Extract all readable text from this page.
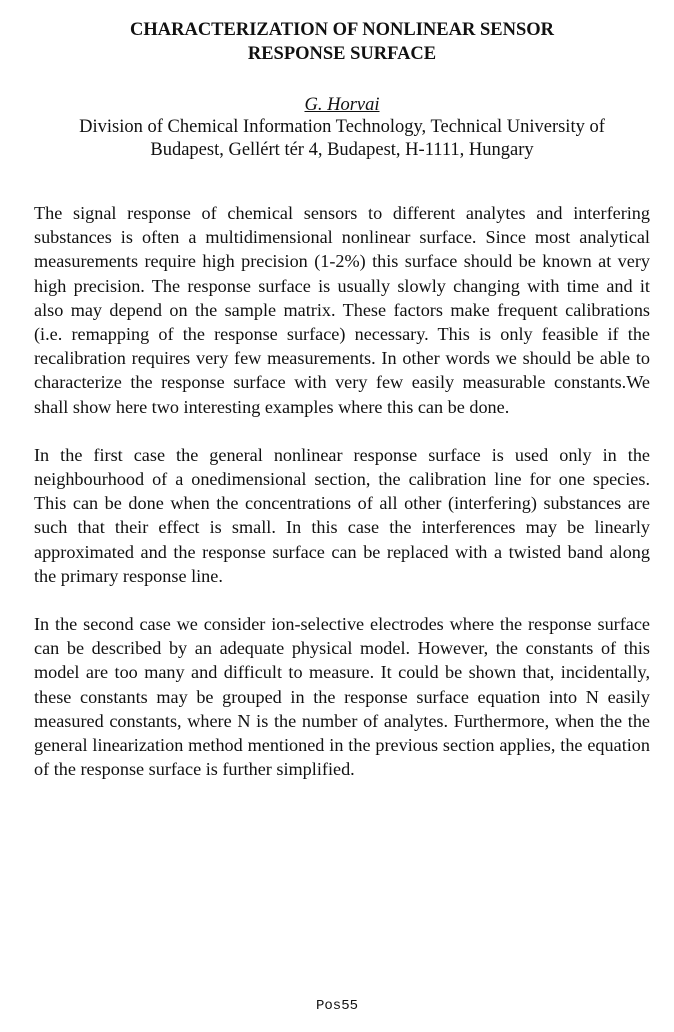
CHARACTERIZATION OF NONLINEAR SENSOR

RESPONSE SURFACE

G. Horvai

Division of Chemical Information Technology, Technical University of

Budapest, Gellért tér 4, Budapest, H-1111, Hungary

The signal response of chemical sensors to different analytes and interfering substances is often a multidimensional nonlinear surface. Since most analytical measurements require high precision (1-2%) this surface should be known at very high precision. The response surface is usually slowly changing with time and it also may depend on the sample matrix. These factors make frequent calibrations (i.e. remapping of the response surface) necessary. This is only feasible if the recalibration requires very few measurements. In other words we should be able to characterize the response surface with very few easily measurable constants.We shall show here two interesting examples where this can be done.

In the first case the general nonlinear response surface is used only in the neighbourhood of a onedimensional section, the calibration line for one species. This can be done when the concentrations of all other (interfering) substances are such that their effect is small. In this case the interferences may be linearly approximated and the response surface can be replaced with a twisted band along the primary response line.

In the second case we consider ion-selective electrodes where the response surface can be described by an adequate physical model. However, the constants of this model are too many and difficult to measure. It could be shown that, incidentally, these constants may be grouped in the response surface equation into N easily measured constants, where N is the number of analytes. Furthermore, when the the general linearization method mentioned in the previous section applies, the equation of the response surface is further simplified.

Pos55
